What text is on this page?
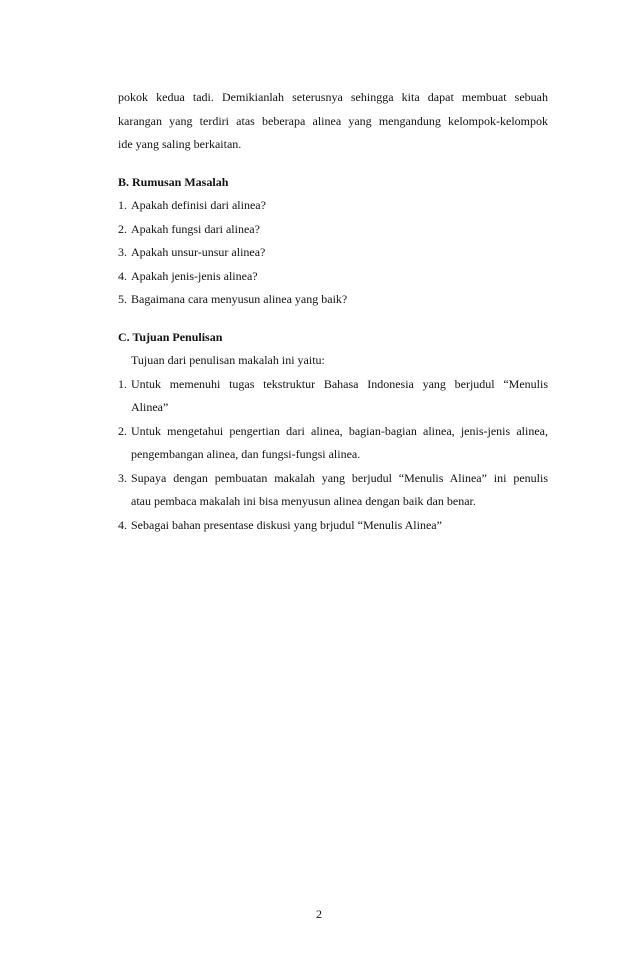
pokok kedua tadi. Demikianlah seterusnya sehingga kita dapat membuat sebuah

karangan yang terdiri atas beberapa alinea yang mengandung kelompok-kelompok

ide yang saling berkaitan.

B. Rumusan Masalah

1. Apakah definisi dari alinea?
2. Apakah fungsi dari alinea?
3. Apakah unsur-unsur alinea?
4. Apakah jenis-jenis alinea?
5. Bagaimana cara menyusun alinea yang baik?

C. Tujuan Penulisan

Tujuan dari penulisan makalah ini yaitu:

1. Untuk memenuhi tugas tekstruktur Bahasa Indonesia yang berjudul “Menulis
Alinea”
2. Untuk mengetahui pengertian dari alinea, bagian-bagian alinea, jenis-jenis alinea,
pengembangan alinea, dan fungsi-fungsi alinea.
3. Supaya dengan pembuatan makalah yang berjudul “Menulis Alinea” ini penulis
atau pembaca makalah ini bisa menyusun alinea dengan baik dan benar.
4. Sebagai bahan presentase diskusi yang brjudul “Menulis Alinea”
2
